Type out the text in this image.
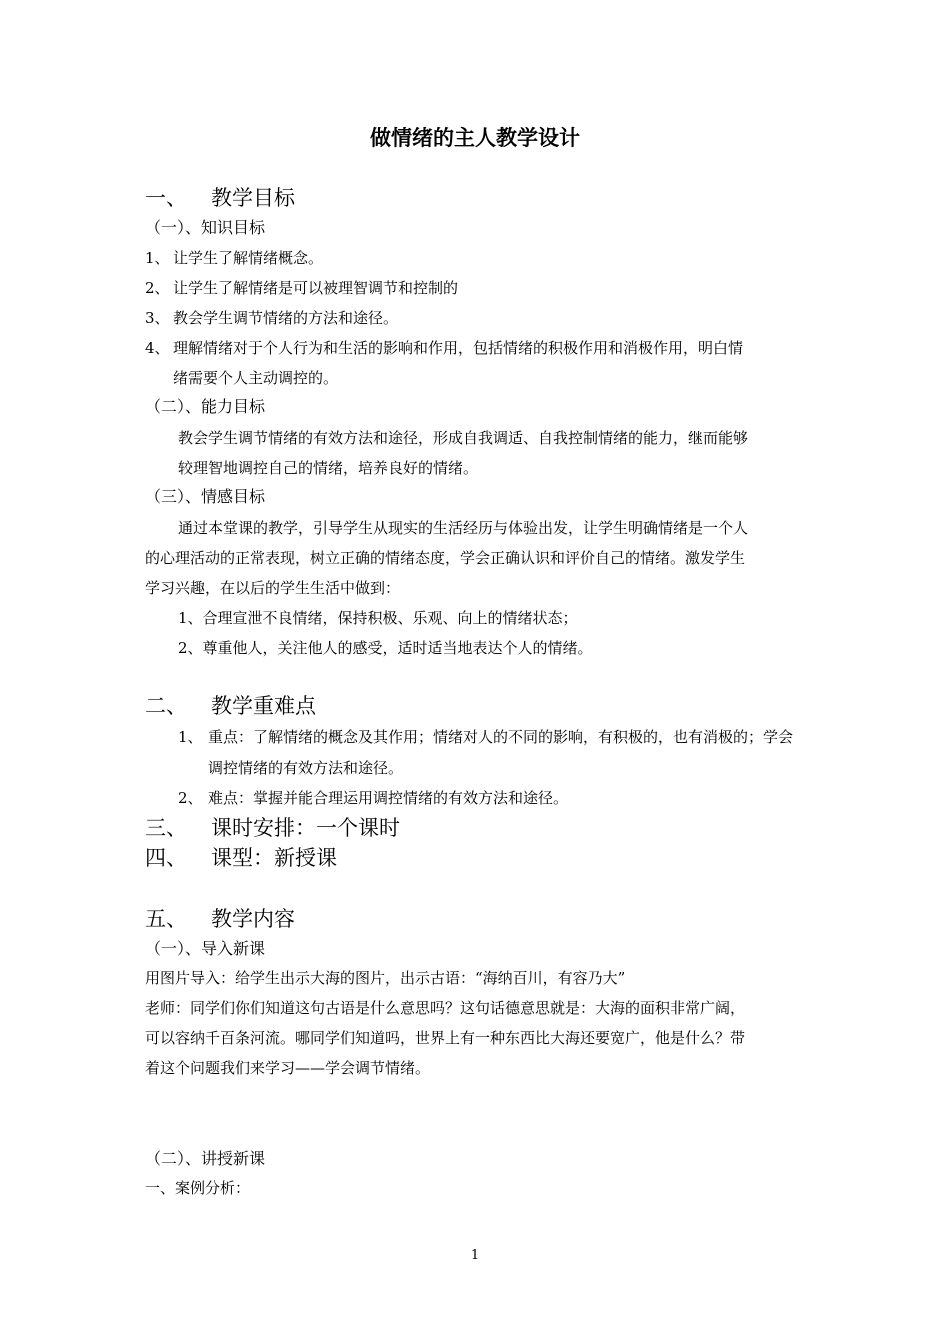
做情绪的主人教学设计
一、 教学目标
（一）、知识目标
1、 让学生了解情绪概念。
2、 让学生了解情绪是可以被理智调节和控制的
3、 教会学生调节情绪的方法和途径。
4、 理解情绪对于个人行为和生活的影响和作用，包括情绪的积极作用和消极作用，明白情
绪需要个人主动调控的。
（二）、能力目标
教会学生调节情绪的有效方法和途径，形成自我调适、自我控制情绪的能力，继而能够
较理智地调控自己的情绪，培养良好的情绪。
（三）、情感目标
通过本堂课的教学，引导学生从现实的生活经历与体验出发，让学生明确情绪是一个人
的心理活动的正常表现，树立正确的情绪态度，学会正确认识和评价自己的情绪。激发学生
学习兴趣，在以后的学生生活中做到：
1、合理宣泄不良情绪，保持积极、乐观、向上的情绪状态；
2、尊重他人，关注他人的感受，适时适当地表达个人的情绪。
二、 教学重难点
1、 重点：了解情绪的概念及其作用；情绪对人的不同的影响，有积极的，也有消极的；学会
调控情绪的有效方法和途径。
2、 难点：掌握并能合理运用调控情绪的有效方法和途径。
三、 课时安排：一个课时
四、 课型：新授课
五、 教学内容
（一）、导入新课
用图片导入：给学生出示大海的图片，出示古语：“海纳百川，有容乃大”
老师：同学们你们知道这句古语是什么意思吗？这句话德意思就是：大海的面积非常广阔，
可以容纳千百条河流。哪同学们知道吗，世界上有一种东西比大海还要宽广，他是什么？带
着这个问题我们来学习——学会调节情绪。
（二）、讲授新课
一、案例分析：
1
